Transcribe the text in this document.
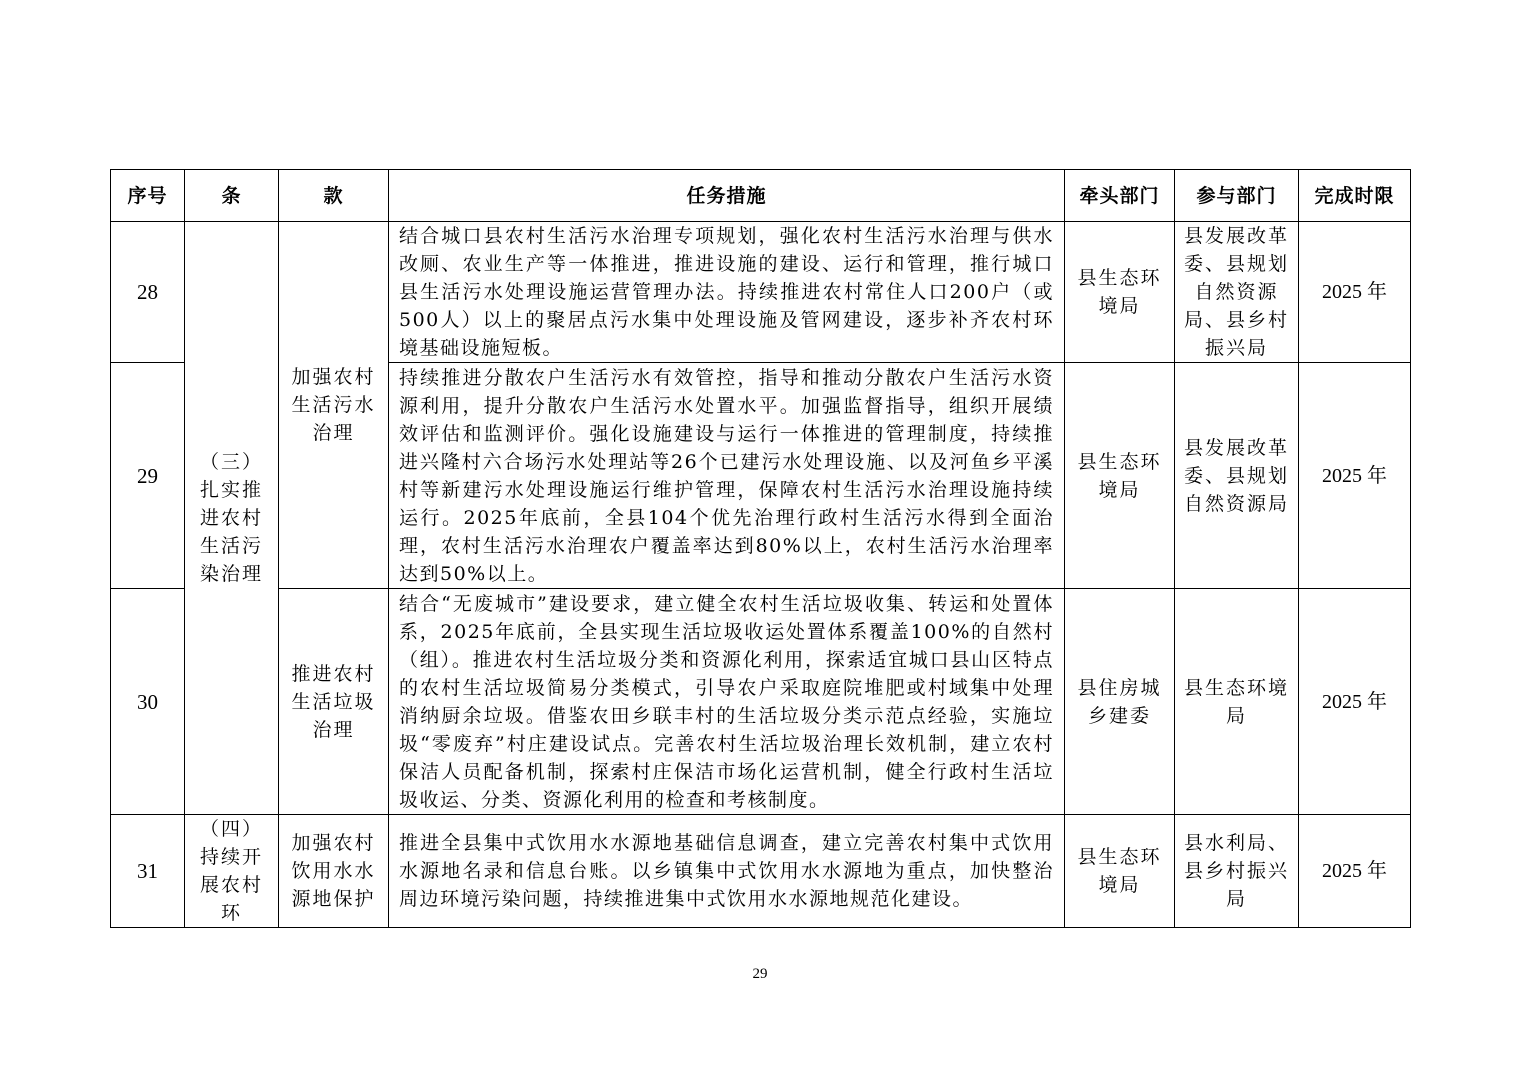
序号	条	款	任务措施	牵头部门	参与部门	完成时限
28	（三）扎实推进农村生活污染治理	加强农村生活污水治理	结合城口县农村生活污水治理专项规划，强化农村生活污水治理与供水改厕、农业生产等一体推进，推进设施的建设、运行和管理，推行城口县生活污水处理设施运营管理办法。持续推进农村常住人口200户（或500人）以上的聚居点污水集中处理设施及管网建设，逐步补齐农村环境基础设施短板。	县生态环境局	县发展改革委、县规划自然资源局、县乡村振兴局	2025 年
29			持续推进分散农户生活污水有效管控，指导和推动分散农户生活污水资源利用，提升分散农户生活污水处置水平。加强监督指导，组织开展绩效评估和监测评价。强化设施建设与运行一体推进的管理制度，持续推进兴隆村六合场污水处理站等26个已建污水处理设施、以及河鱼乡平溪村等新建污水处理设施运行维护管理，保障农村生活污水治理设施持续运行。2025年底前，全县104个优先治理行政村生活污水得到全面治理，农村生活污水治理农户覆盖率达到80%以上，农村生活污水治理率达到50%以上。	县生态环境局	县发展改革委、县规划自然资源局	2025 年
30		推进农村生活垃圾治理	结合“无废城市”建设要求，建立健全农村生活垃圾收集、转运和处置体系，2025年底前，全县实现生活垃圾收运处置体系覆盖100%的自然村（组）。推进农村生活垃圾分类和资源化利用，探索适宜城口县山区特点的农村生活垃圾简易分类模式，引导农户采取庭院堆肥或村域集中处理消纳厨余垃圾。借鉴农田乡联丰村的生活垃圾分类示范点经验，实施垃圾“零废弃”村庄建设试点。完善农村生活垃圾治理长效机制，建立农村保洁人员配备机制，探索村庄保洁市场化运营机制，健全行政村生活垃圾收运、分类、资源化利用的检查和考核制度。	县住房城乡建委	县生态环境局	2025 年
31	（四）持续开展农村环	加强农村饮用水水源地保护	推进全县集中式饮用水水源地基础信息调查，建立完善农村集中式饮用水源地名录和信息台账。以乡镇集中式饮用水水源地为重点，加快整治周边环境污染问题，持续推进集中式饮用水水源地规范化建设。	县生态环境局	县水利局、县乡村振兴局	2025 年
29
